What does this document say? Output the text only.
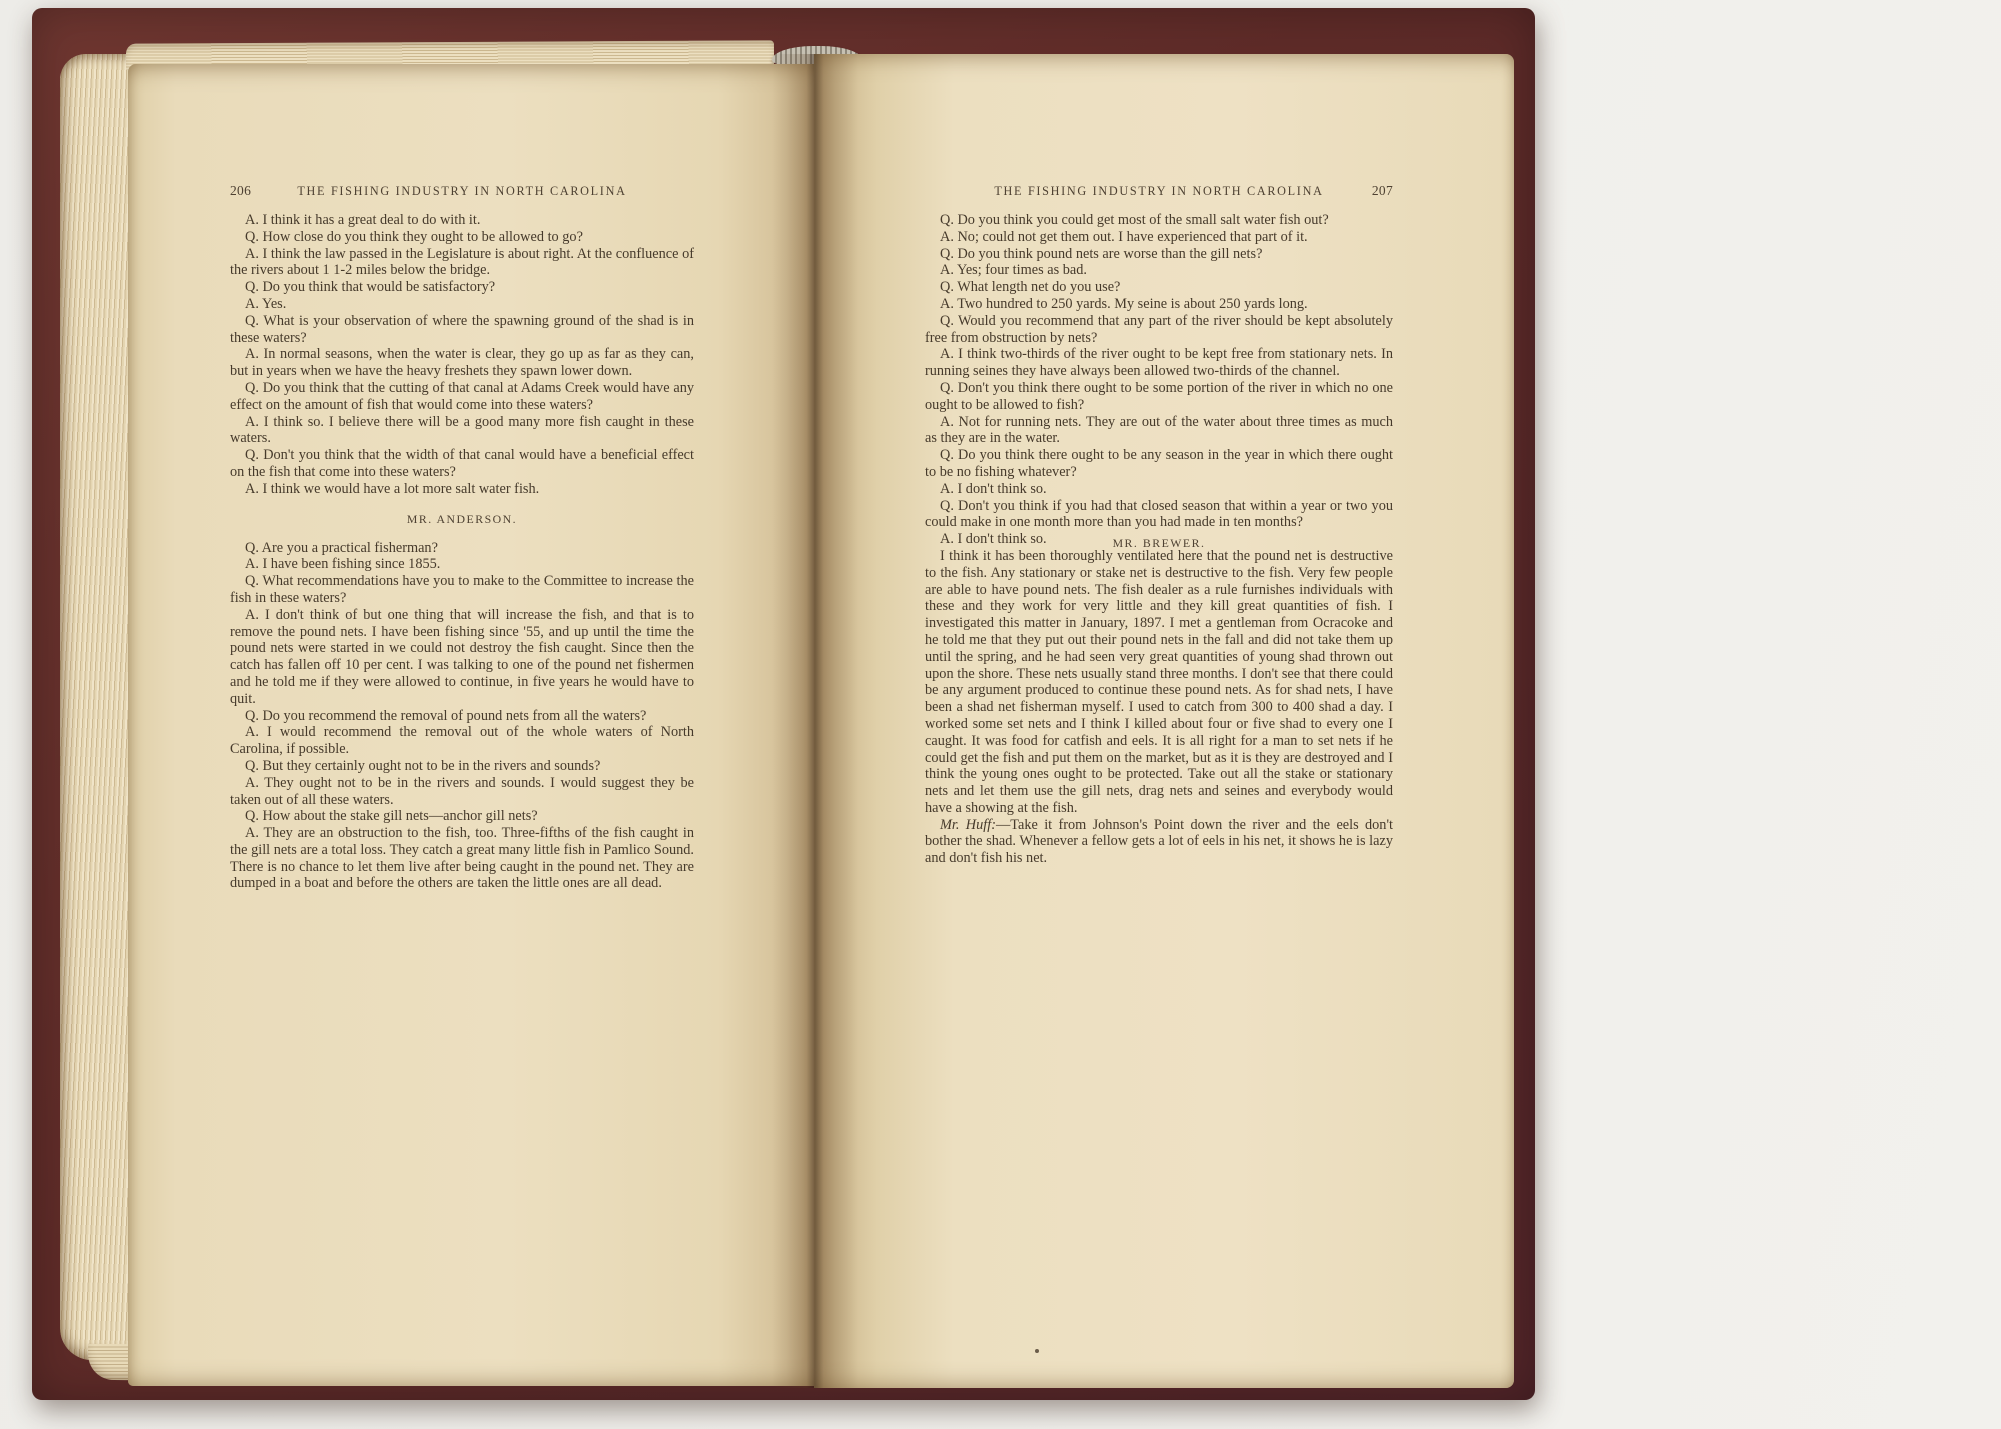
206	THE FISHING INDUSTRY IN NORTH CAROLINA

A. I think it has a great deal to do with it.

Q. How close do you think they ought to be allowed to go?

A. I think the law passed in the Legislature is about right. At the confluence of the rivers about 1 1-2 miles below the bridge.

Q. Do you think that would be satisfactory?

A. Yes.

Q. What is your observation of where the spawning ground of the shad is in these waters?

A. In normal seasons, when the water is clear, they go up as far as they can, but in years when we have the heavy freshets they spawn lower down.

Q. Do you think that the cutting of that canal at Adams Creek would have any effect on the amount of fish that would come into these waters?

A. I think so. I believe there will be a good many more fish caught in these waters.

Q. Don't you think that the width of that canal would have a beneficial effect on the fish that come into these waters?

A. I think we would have a lot more salt water fish.

MR. ANDERSON.

Q. Are you a practical fisherman?

A. I have been fishing since 1855.

Q. What recommendations have you to make to the Committee to increase the fish in these waters?

A. I don't think of but one thing that will increase the fish, and that is to remove the pound nets. I have been fishing since '55, and up until the time the pound nets were started in we could not destroy the fish caught. Since then the catch has fallen off 10 per cent. I was talking to one of the pound net fishermen and he told me if they were allowed to continue, in five years he would have to quit.

Q. Do you recommend the removal of pound nets from all the waters?

A. I would recommend the removal out of the whole waters of North Carolina, if possible.

Q. But they certainly ought not to be in the rivers and sounds?

A. They ought not to be in the rivers and sounds. I would suggest they be taken out of all these waters.

Q. How about the stake gill nets—anchor gill nets?

A. They are an obstruction to the fish, too. Three-fifths of the fish caught in the gill nets are a total loss. They catch a great many little fish in Pamlico Sound. There is no chance to let them live after being caught in the pound net. They are dumped in a boat and before the others are taken the little ones are all dead.

THE FISHING INDUSTRY IN NORTH CAROLINA	207

Q. Do you think you could get most of the small salt water fish out?

A. No; could not get them out. I have experienced that part of it.

Q. Do you think pound nets are worse than the gill nets?

A. Yes; four times as bad.

Q. What length net do you use?

A. Two hundred to 250 yards. My seine is about 250 yards long.

Q. Would you recommend that any part of the river should be kept absolutely free from obstruction by nets?

A. I think two-thirds of the river ought to be kept free from stationary nets. In running seines they have always been allowed two-thirds of the channel.

Q. Don't you think there ought to be some portion of the river in which no one ought to be allowed to fish?

A. Not for running nets. They are out of the water about three times as much as they are in the water.

Q. Do you think there ought to be any season in the year in which there ought to be no fishing whatever?

A. I don't think so.

Q. Don't you think if you had that closed season that within a year or two you could make in one month more than you had made in ten months?

A. I don't think so.	MR. BREWER.

I think it has been thoroughly ventilated here that the pound net is destructive to the fish. Any stationary or stake net is destructive to the fish. Very few people are able to have pound nets. The fish dealer as a rule furnishes individuals with these and they work for very little and they kill great quantities of fish. I investigated this matter in January, 1897. I met a gentleman from Ocracoke and he told me that they put out their pound nets in the fall and did not take them up until the spring, and he had seen very great quantities of young shad thrown out upon the shore. These nets usually stand three months. I don't see that there could be any argument produced to continue these pound nets. As for shad nets, I have been a shad net fisherman myself. I used to catch from 300 to 400 shad a day. I worked some set nets and I think I killed about four or five shad to every one I caught. It was food for catfish and eels. It is all right for a man to set nets if he could get the fish and put them on the market, but as it is they are destroyed and I think the young ones ought to be protected. Take out all the stake or stationary nets and let them use the gill nets, drag nets and seines and everybody would have a showing at the fish.

Mr. Huff:—Take it from Johnson's Point down the river and the eels don't bother the shad. Whenever a fellow gets a lot of eels in his net, it shows he is lazy and don't fish his net.
